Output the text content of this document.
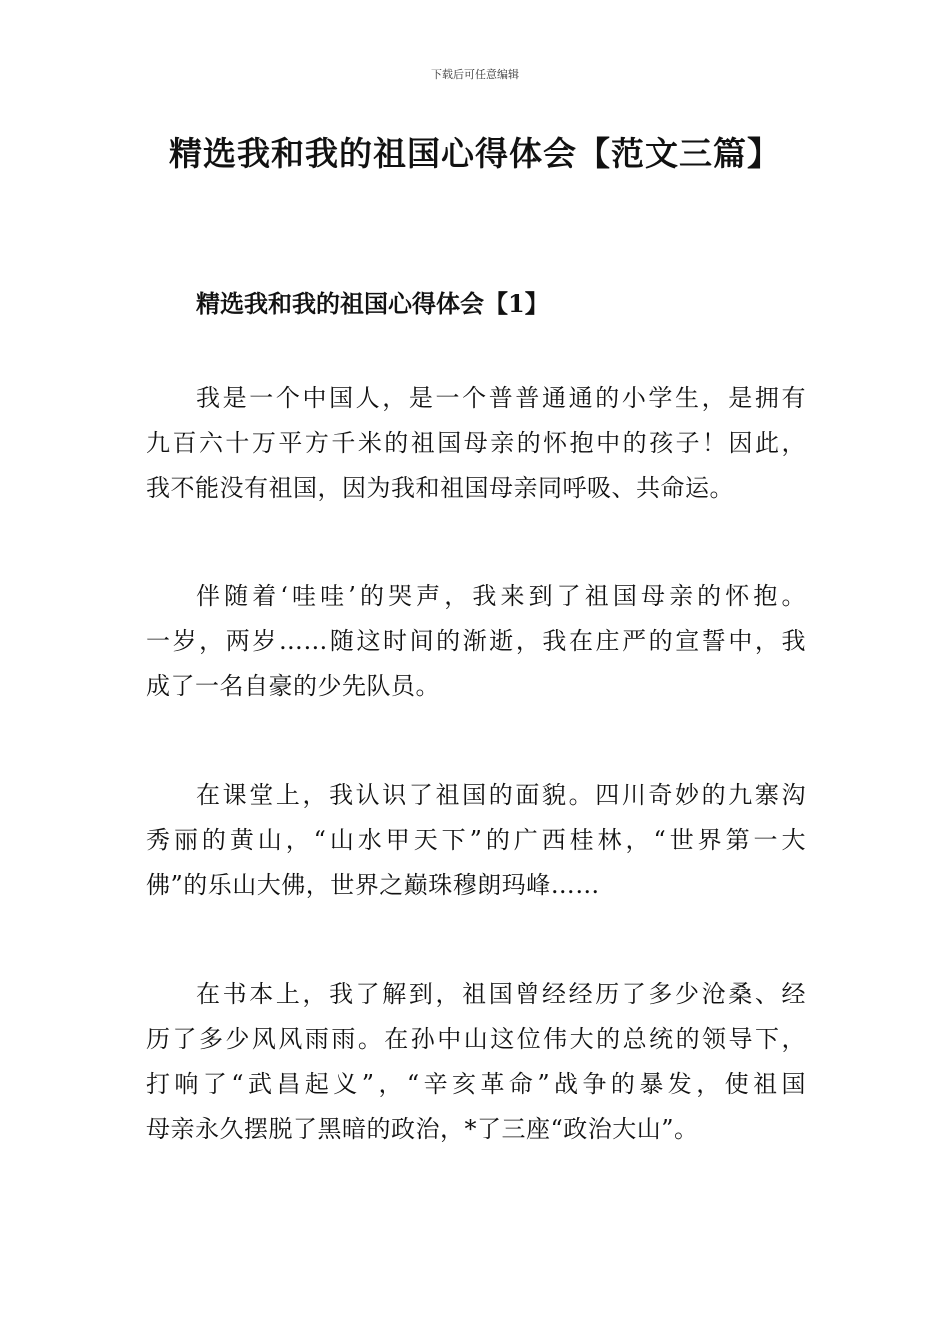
下载后可任意编辑
精选我和我的祖国心得体会【范文三篇】
精选我和我的祖国心得体会【1】
我是一个中国人，是一个普普通通的小学生，是拥有
九百六十万平方千米的祖国母亲的怀抱中的孩子！因此，
我不能没有祖国，因为我和祖国母亲同呼吸、共命运。
伴随着‘哇哇’的哭声，我来到了祖国母亲的怀抱。
一岁，两岁……随这时间的渐逝，我在庄严的宣誓中，我
成了一名自豪的少先队员。
在课堂上，我认识了祖国的面貌。四川奇妙的九寨沟
秀丽的黄山，“山水甲天下”的广西桂林，“世界第一大
佛”的乐山大佛，世界之巅珠穆朗玛峰……
在书本上，我了解到，祖国曾经经历了多少沧桑、经
历了多少风风雨雨。在孙中山这位伟大的总统的领导下，
打响了“武昌起义”，“辛亥革命”战争的暴发，使祖国
母亲永久摆脱了黑暗的政治，*了三座“政治大山”。
